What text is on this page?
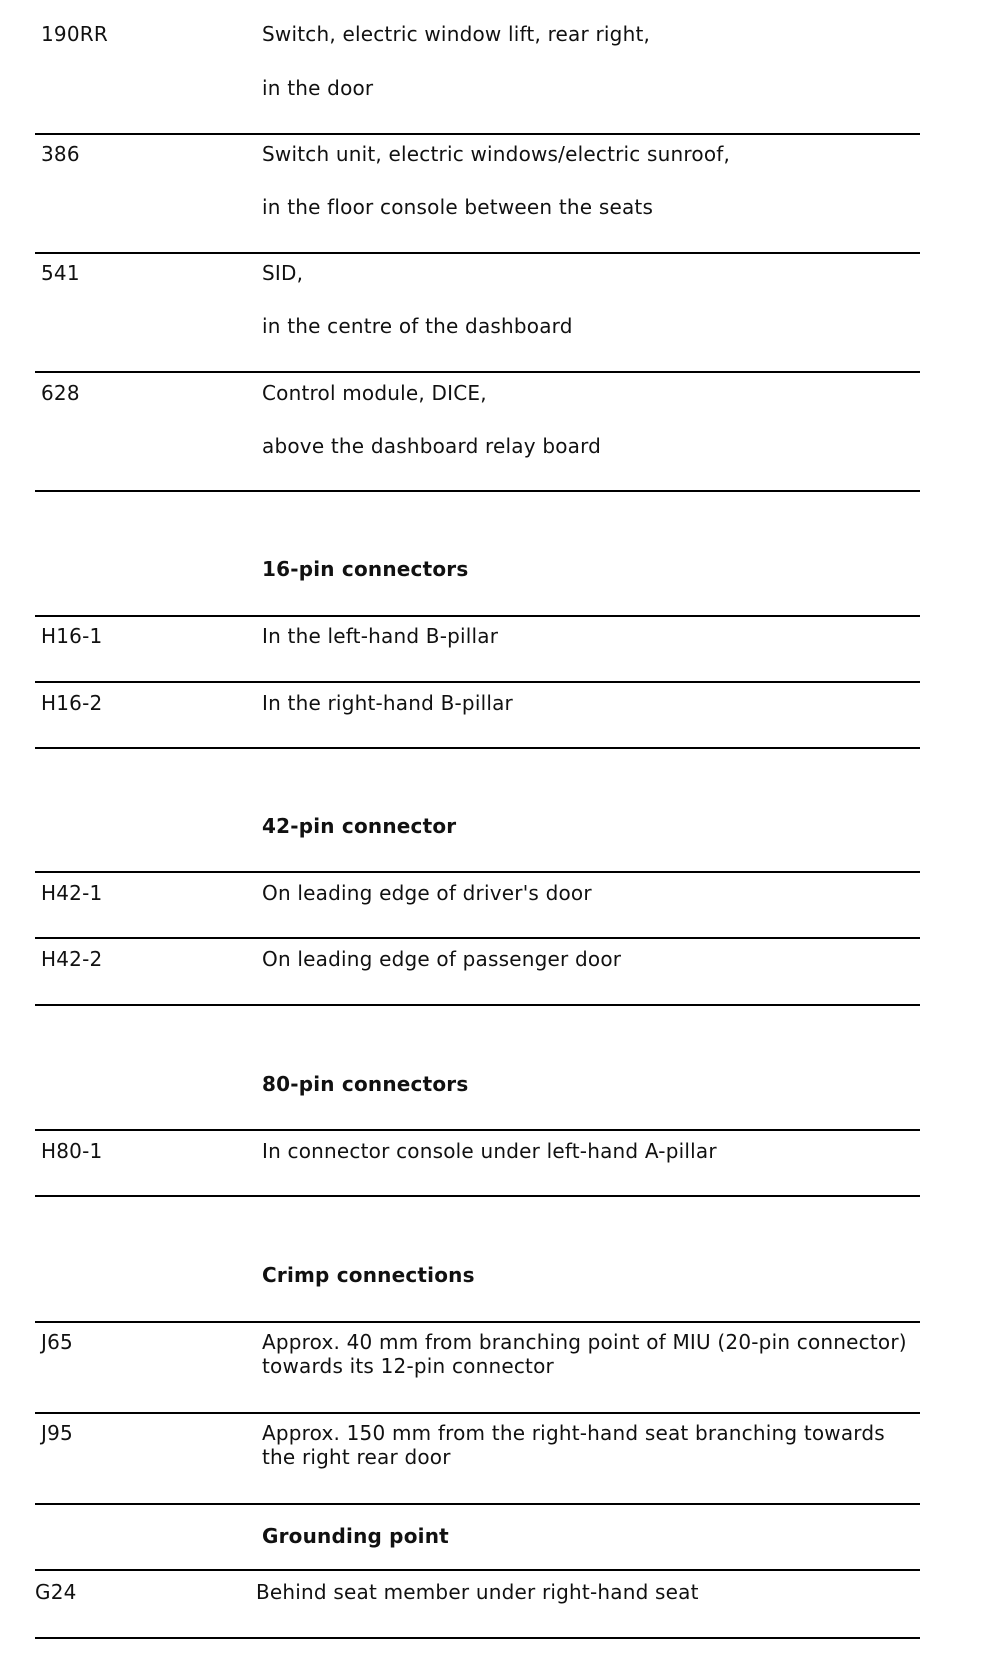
190RR	Switch, electric window lift, rear right,
in the door
386	Switch unit, electric windows/electric sunroof,
in the floor console between the seats
541	SID,
in the centre of the dashboard
628	Control module, DICE,
above the dashboard relay board
16-pin connectors
H16-1	In the left-hand B-pillar
H16-2	In the right-hand B-pillar
42-pin connector
H42-1	On leading edge of driver's door
H42-2	On leading edge of passenger door
80-pin connectors
H80-1	In connector console under left-hand A-pillar
Crimp connections
J65	Approx. 40 mm from branching point of MIU (20-pin connector) towards its 12-pin connector
J95	Approx. 150 mm from the right-hand seat branching towards the right rear door
Grounding point
G24	Behind seat member under right-hand seat
